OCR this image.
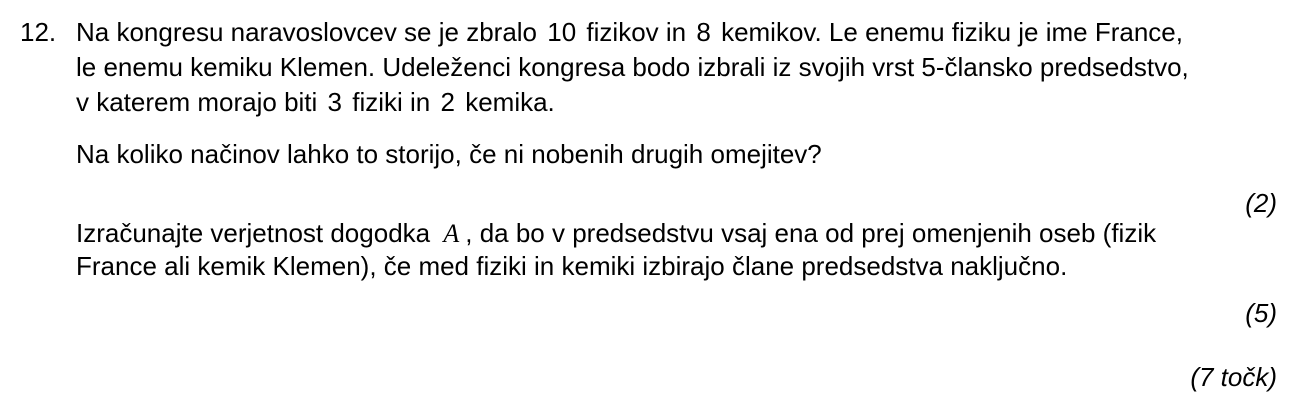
12. Na kongresu naravoslovcev se je zbralo 10 fizikov in 8 kemikov. Le enemu fiziku je ime France,
le enemu kemiku Klemen. Udeleženci kongresa bodo izbrali iz svojih vrst 5-člansko predsedstvo,
v katerem morajo biti 3 fiziki in 2 kemika.
Na koliko načinov lahko to storijo, če ni nobenih drugih omejitev?
(2)
Izračunajte verjetnost dogodka A , da bo v predsedstvu vsaj ena od prej omenjenih oseb (fizik
France ali kemik Klemen), če med fiziki in kemiki izbirajo člane predsedstva naključno.
(5)
(7 točk)
